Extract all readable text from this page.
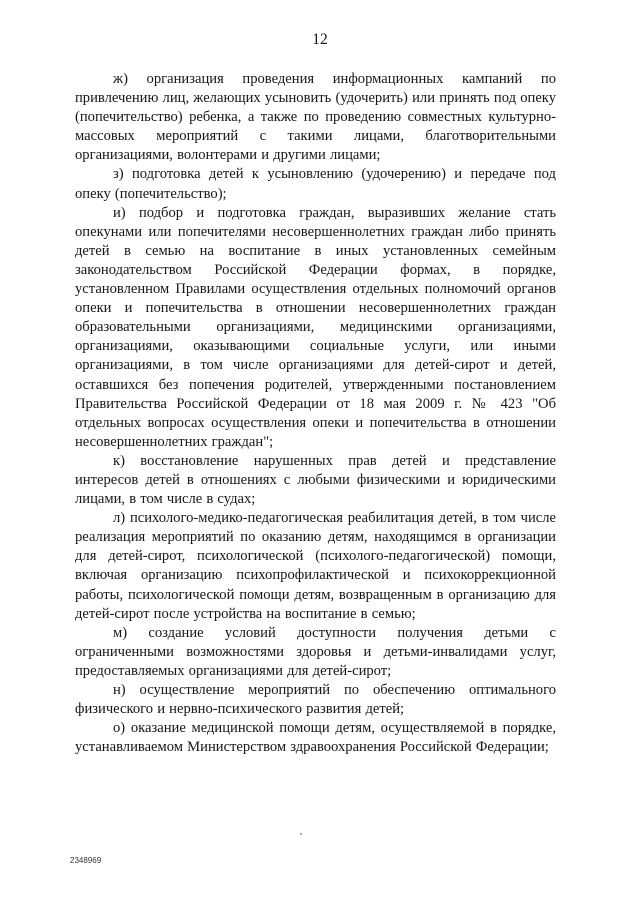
12

ж) организация проведения информационных кампаний по привлечению лиц, желающих усыновить (удочерить) или принять под опеку (попечительство) ребенка, а также по проведению совместных культурно-массовых мероприятий с такими лицами, благотворительными организациями, волонтерами и другими лицами;

з) подготовка детей к усыновлению (удочерению) и передаче под опеку (попечительство);

и) подбор и подготовка граждан, выразивших желание стать опекунами или попечителями несовершеннолетних граждан либо принять детей в семью на воспитание в иных установленных семейным законодательством Российской Федерации формах, в порядке, установленном Правилами осуществления отдельных полномочий органов опеки и попечительства в отношении несовершеннолетних граждан образовательными организациями, медицинскими организациями, организациями, оказывающими социальные услуги, или иными организациями, в том числе организациями для детей-сирот и детей, оставшихся без попечения родителей, утвержденными постановлением Правительства Российской Федерации от 18 мая 2009 г. № 423 "Об отдельных вопросах осуществления опеки и попечительства в отношении несовершеннолетних граждан";

к) восстановление нарушенных прав детей и представление интересов детей в отношениях с любыми физическими и юридическими лицами, в том числе в судах;

л) психолого-медико-педагогическая реабилитация детей, в том числе реализация мероприятий по оказанию детям, находящимся в организации для детей-сирот, психологической (психолого-педагогической) помощи, включая организацию психопрофилактической и психокоррекционной работы, психологической помощи детям, возвращенным в организацию для детей-сирот после устройства на воспитание в семью;

м) создание условий доступности получения детьми с ограниченными возможностями здоровья и детьми-инвалидами услуг, предоставляемых организациями для детей-сирот;

н) осуществление мероприятий по обеспечению оптимального физического и нервно-психического развития детей;

о) оказание медицинской помощи детям, осуществляемой в порядке, устанавливаемом Министерством здравоохранения Российской Федерации;

2348969
